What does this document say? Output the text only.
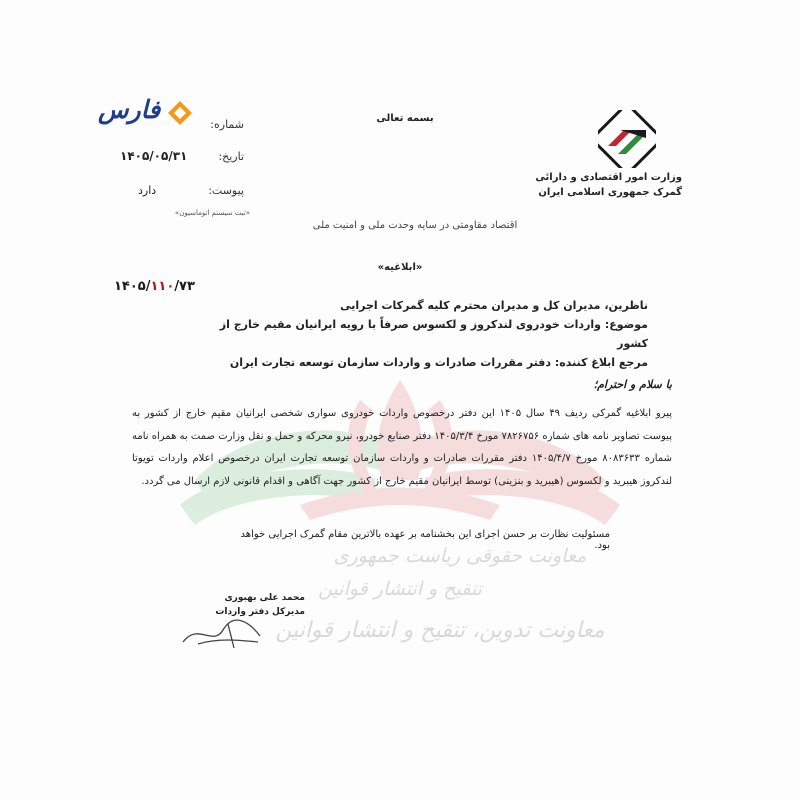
معاونت حقوقی ریاست جمهوری
تنقیح و انتشار قوانین
معاونت تدوین، تنقیح و انتشار قوانین
وزارت امور اقتصادی و دارائی
گمرک جمهوری اسلامی ایران
بسمه تعالی
اقتصاد مقاومتی در سایه وحدت ملی و امنیت ملی
«ابلاغیه»
فارس
شماره:
تاریخ:
۱۴۰۵/۰۵/۳۱
پیوست:
دارد
«ثبت سیستم اتوماسیون»
۱۴۰۵/۱۱۰/۷۳
ناظرین، مدیران کل و مدیران محترم کلیه گمرکات اجرایی
موضوع: واردات خودروی لندکروز و لکسوس صرفاً با رویه ایرانیان مقیم خارج از کشور
مرجع ابلاغ کننده: دفتر مقررات صادرات و واردات سازمان توسعه تجارت ایران
با سلام و احترام؛
پیرو ابلاغیه گمرکی ردیف ۴۹ سال ۱۴۰۵ این دفتر درخصوص واردات خودروی سواری شخصی ایرانیان مقیم خارج از کشور به پیوست تصاویر نامه های شماره ۷۸۲۶۷۵۶ مورخ ۱۴۰۵/۳/۴ دفتر صنایع خودرو، نیرو محرکه و حمل و نقل وزارت صمت به همراه نامه شماره ۸۰۸۳۶۳۳ مورخ ۱۴۰۵/۴/۷ دفتر مقررات صادرات و واردات سازمان توسعه تجارت ایران درخصوص اعلام واردات تویوتا لندکروز هیبرید و لکسوس (هیبرید و بنزینی) توسط ایرانیان مقیم خارج از کشور جهت آگاهی و اقدام قانونی لازم ارسال می گردد.
مسئولیت نظارت بر حسن اجرای این بخشنامه بر عهده بالاترین مقام گمرک اجرایی خواهد بود.
محمد علی بهبوری
مدیرکل دفتر واردات
